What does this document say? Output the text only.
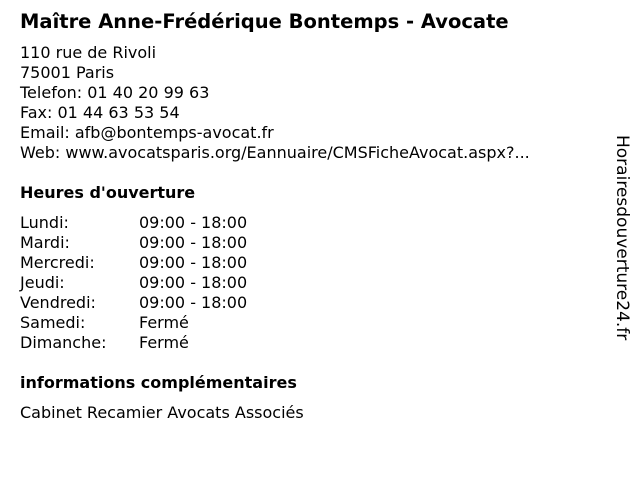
Maître Anne-Frédérique Bontemps - Avocate
110 rue de Rivoli
75001 Paris
Telefon: 01 40 20 99 63
Fax: 01 44 63 53 54
Email: afb@bontemps-avocat.fr
Web: www.avocatsparis.org/Eannuaire/CMSFicheAvocat.aspx?...
Heures d'ouverture
Lundi:	09:00 - 18:00
Mardi:	09:00 - 18:00
Mercredi:	09:00 - 18:00
Jeudi:	09:00 - 18:00
Vendredi:	09:00 - 18:00
Samedi:	Fermé
Dimanche: Fermé
informations complémentaires
Cabinet Recamier Avocats Associés
Horairesdouverture24.fr
